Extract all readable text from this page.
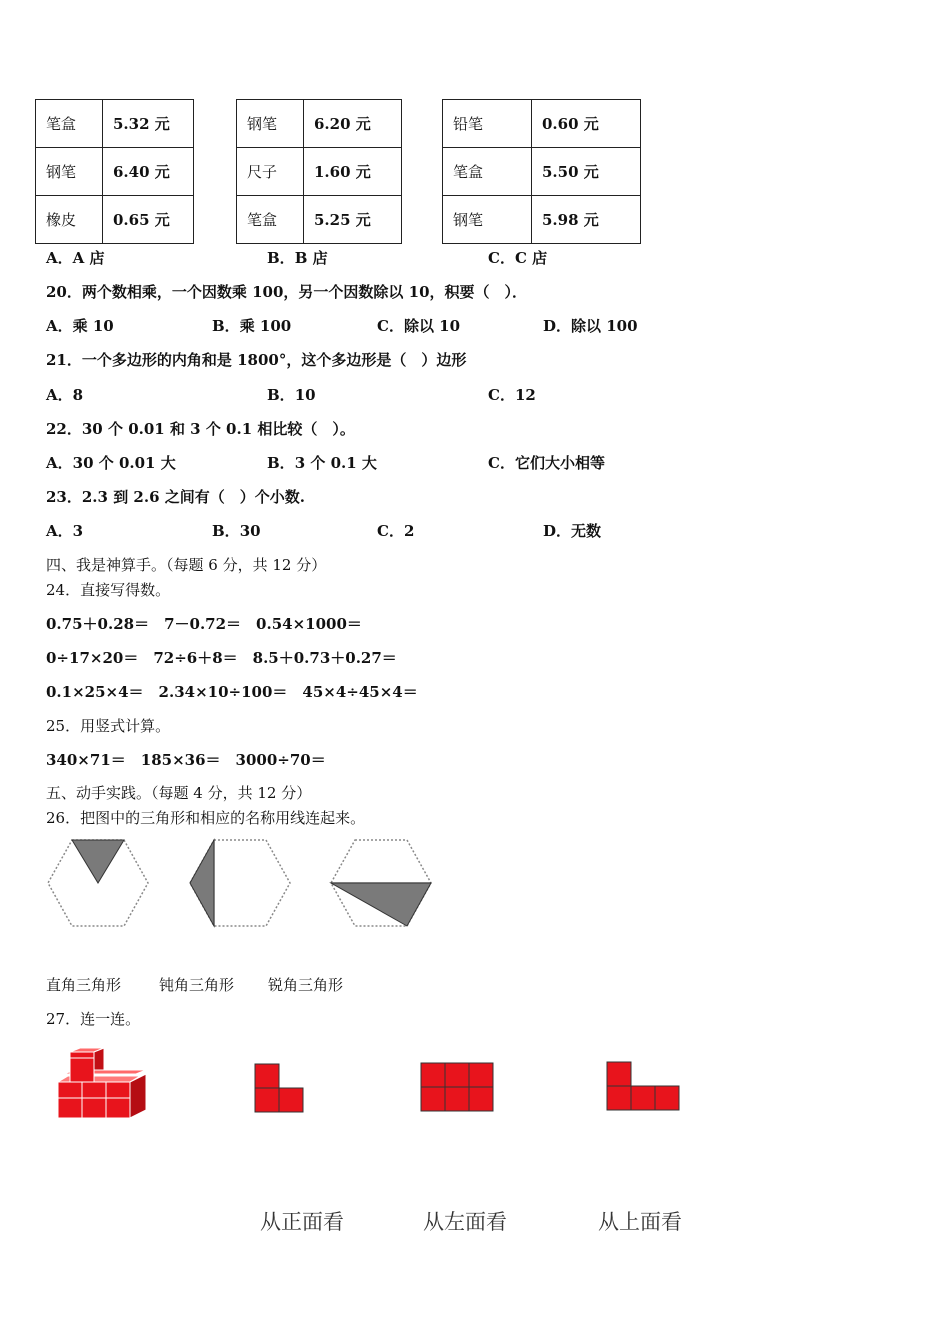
笔盒	5.32 元
钢笔	6.40 元
橡皮	0.65 元
钢笔	6.20 元
尺子	1.60 元
笔盒	5.25 元
铅笔	0.60 元
笔盒	5.50 元
钢笔	5.98 元
A．A 店	B．B 店	C．C 店
20．两个数相乘，一个因数乘 100，另一个因数除以 10，积要（　）．
A．乘 10	B．乘 100	C．除以 10	D．除以 100
21．一个多边形的内角和是 1800°，这个多边形是（　）边形
A．8	B．10	C．12
22．30 个 0.01 和 3 个 0.1 相比较（　）。
A．30 个 0.01 大	B．3 个 0.1 大	C．它们大小相等
23．2.3 到 2.6 之间有（　）个小数.
A．3	B．30	C．2	D．无数
四、我是神算手。（每题 6 分，共 12 分）
24．直接写得数。
0.75＋0.28＝　7－0.72＝　0.54×1000＝
0÷17×20＝　72÷6＋8＝　8.5＋0.73＋0.27＝
0.1×25×4＝　2.34×10÷100＝　45×4÷45×4＝
25．用竖式计算。
340×71＝　185×36＝　3000÷70＝
五、动手实践。（每题 4 分，共 12 分）
26．把图中的三角形和相应的名称用线连起来。
直角三角形	钝角三角形 锐角三角形
27．连一连。
从正面看	从左面看	从上面看
